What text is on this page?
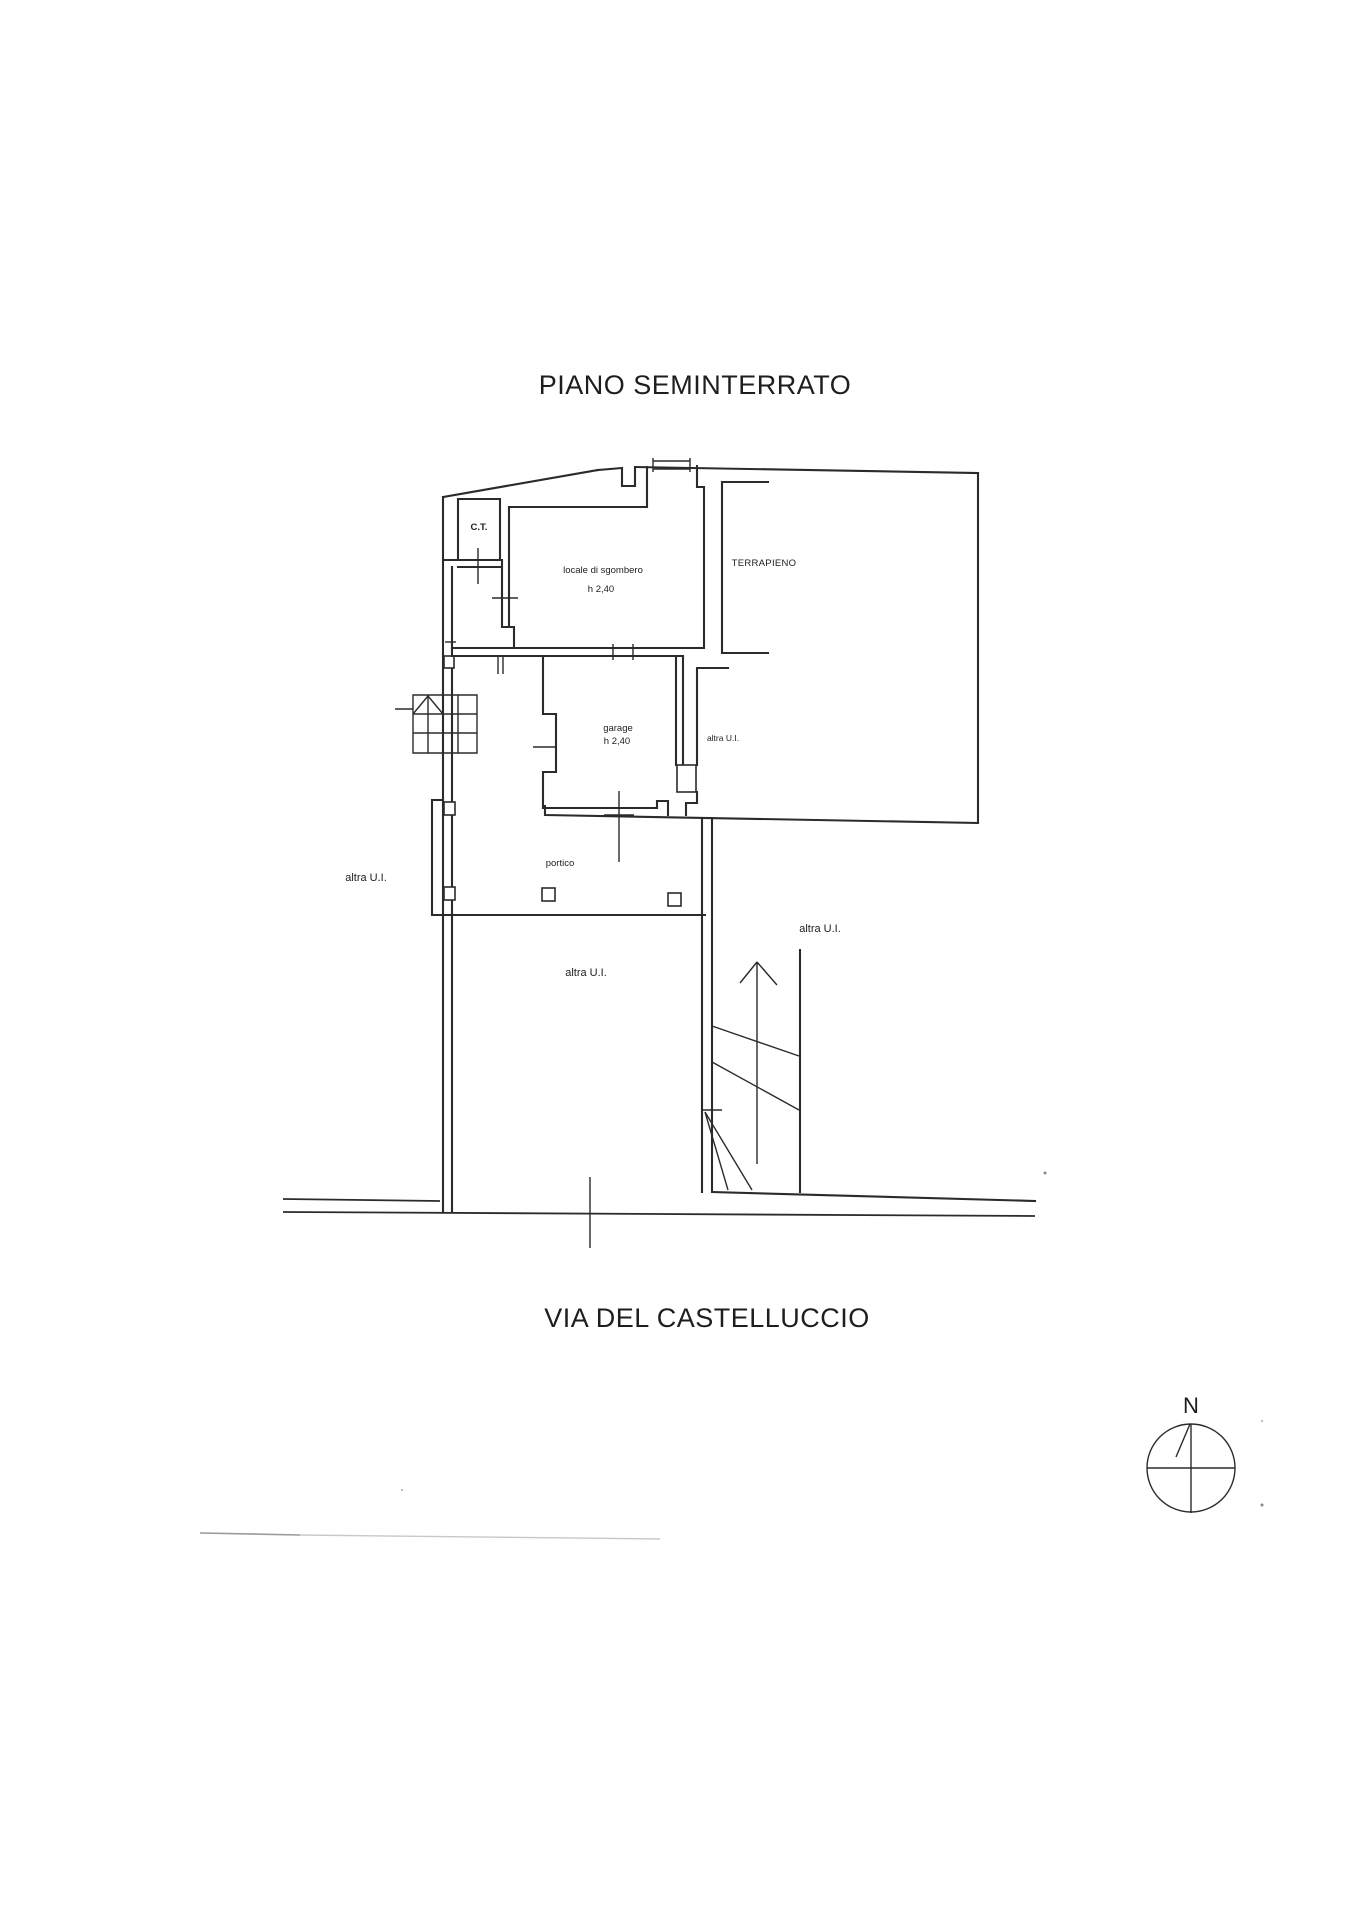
PIANO SEMINTERRATO
C.T.
locale di sgombero
h 2,40
TERRAPIENO
garage
h 2,40	altra U.I.
portico
altra U.I.
altra U.I.
altra U.I.
VIA DEL CASTELLUCCIO
N
